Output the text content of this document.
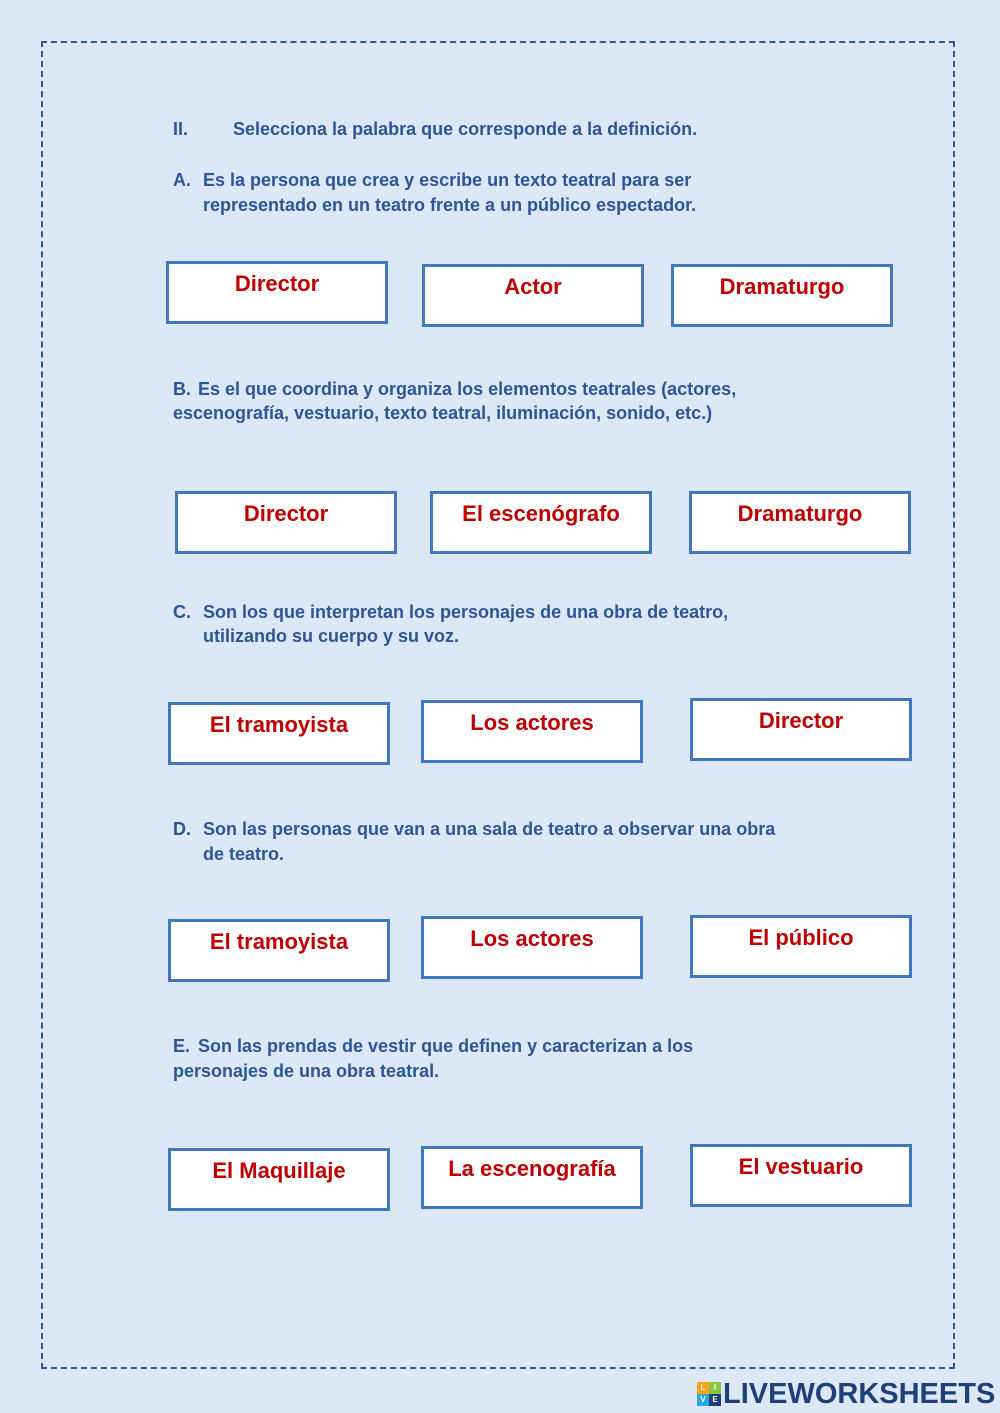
II. Selecciona la palabra que corresponde a la definición.
A. Es la persona que crea y escribe un texto teatral para ser
representado en un teatro frente a un público espectador.
Director	Actor	Dramaturgo
B. Es el que coordina y organiza los elementos teatrales (actores,
escenografía, vestuario, texto teatral, iluminación, sonido, etc.)
Director	El escenógrafo	Dramaturgo
C. Son los que interpretan los personajes de una obra de teatro,
utilizando su cuerpo y su voz.
El tramoyista	Los actores	Director
D. Son las personas que van a una sala de teatro a observar una obra
de teatro.
El tramoyista	Los actores	El público
E. Son las prendas de vestir que definen y caracterizan a los
personajes de una obra teatral.
El Maquillaje	La escenografía	El vestuario
L	I
V E LIVEWORKSHEETS
